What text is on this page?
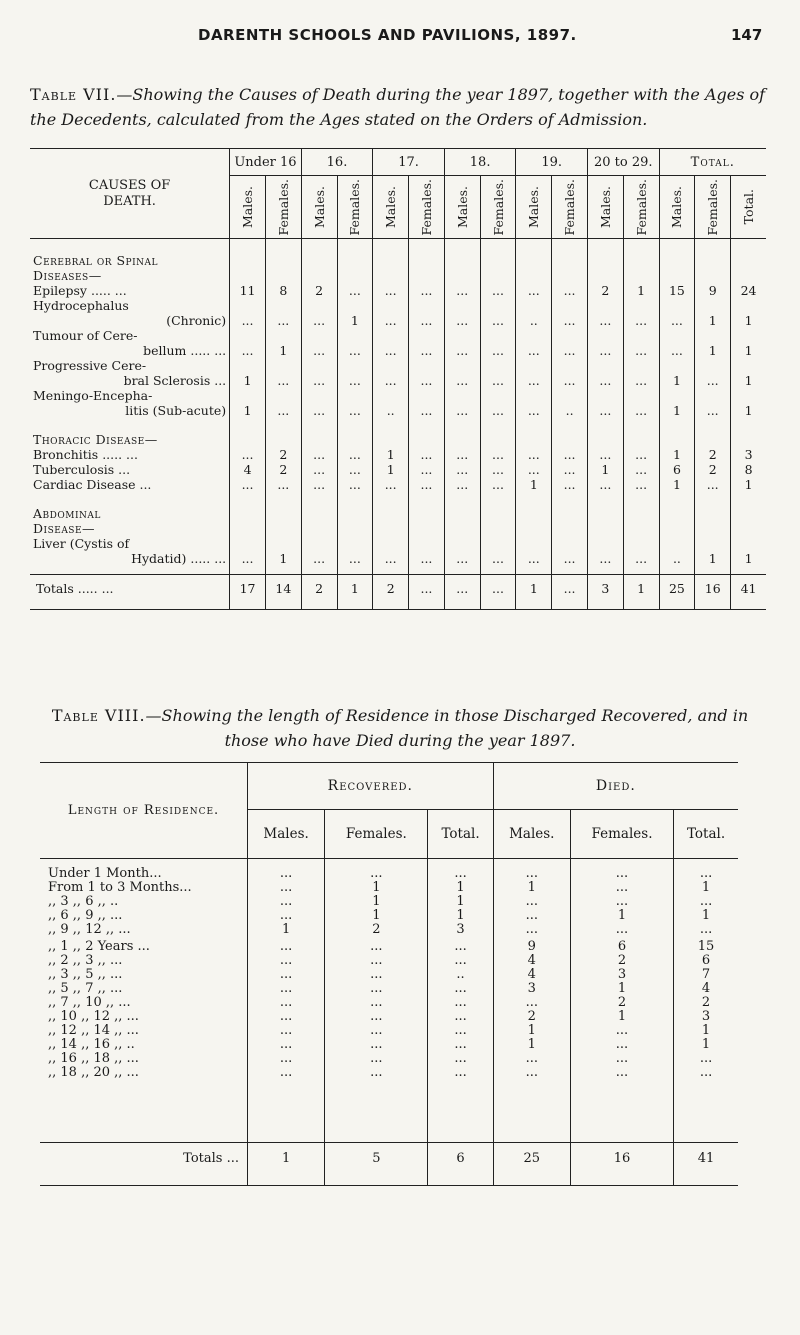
DARENTH SCHOOLS AND PAVILIONS, 1897.	147
Table VII.—Showing the Causes of Death during the year 1897, together with the Ages of the Decedents, calculated from the Ages stated on the Orders of Admission.
CAUSES OF DEATH.	Under 16		16.		17.		18.		19.		20 to 29.		Total.		

	Males.	Females.	Males.	Females.	Males.	Females.	Males.	Females.	Males.	Females.	Males.	Females.	Males.	Females.	Total.

Cerebral or Spinal															
Diseases—															
Epilepsy ..... ...	11	8	2	...	...	...	...	...	...	...	2	1	15	9	24
Hydrocephalus															
(Chronic)	...	...	...	1	...	...	...	...	..	...	...	...	...	1	1
Tumour of Cere-															
bellum ..... ...	...	1	...	...	...	...	...	...	...	...	...	...	...	1	1
Progressive Cere-															
bral Sclerosis ...	1	...	...	...	...	...	...	...	...	...	...	...	1	...	1
Meningo-Encepha-															
litis (Sub-acute)	1	...	...	...	..	...	...	...	...	..	...	...	1	...	1

Thoracic Disease—															
Bronchitis ..... ...	...	2	...	...	1	...	...	...	...	...	...	...	1	2	3
Tuberculosis ...	4	2	...	...	1	...	...	...	...	...	1	...	6	2	8
Cardiac Disease ...	...	...	...	...	...	...	...	...	1	...	...	...	1	...	1

Abdominal															
Disease—															
Liver (Cystis of															
Hydatid) ..... ...	...	1	...	...	...	...	...	...	...	...	...	...	..	1	1

Totals ..... ...	17	14	2	1	2	...	...	...	1	...	3	1	25	16	41

Table VIII.—Showing the length of Residence in those Discharged Recovered, and in
those who have Died during the year 1897.
Length of Residence.	Recovered.			Died.		
	Males.	Females.	Total.	Males.	Females.	Total.

Under 1 Month...	...	...	...	...	...	...
From 1 to 3 Months...	...	1	1	1	...	1
,, 3 ,, 6 ,, ..	...	1	1	...	...	...
,, 6 ,, 9 ,, ...	...	1	1	...	1	1
,, 9 ,, 12 ,, ...	1	2	3	...	...	...
,, 1 ,, 2 Years ...	...	...	...	9	6	15
,, 2 ,, 3 ,, ...	...	...	...	4	2	6
,, 3 ,, 5 ,, ...	...	...	..	4	3	7
,, 5 ,, 7 ,, ...	...	...	...	3	1	4
,, 7 ,, 10 ,, ...	...	...	...	...	2	2
,, 10 ,, 12 ,, ...	...	...	...	2	1	3
,, 12 ,, 14 ,, ...	...	...	...	1	...	1
,, 14 ,, 16 ,, ..	...	...	...	1	...	1
,, 16 ,, 18 ,, ...	...	...	...	...	...	...
,, 18 ,, 20 ,, ...	...	...	...	...	...	...

Totals ...	1	5	6	25	16	41
